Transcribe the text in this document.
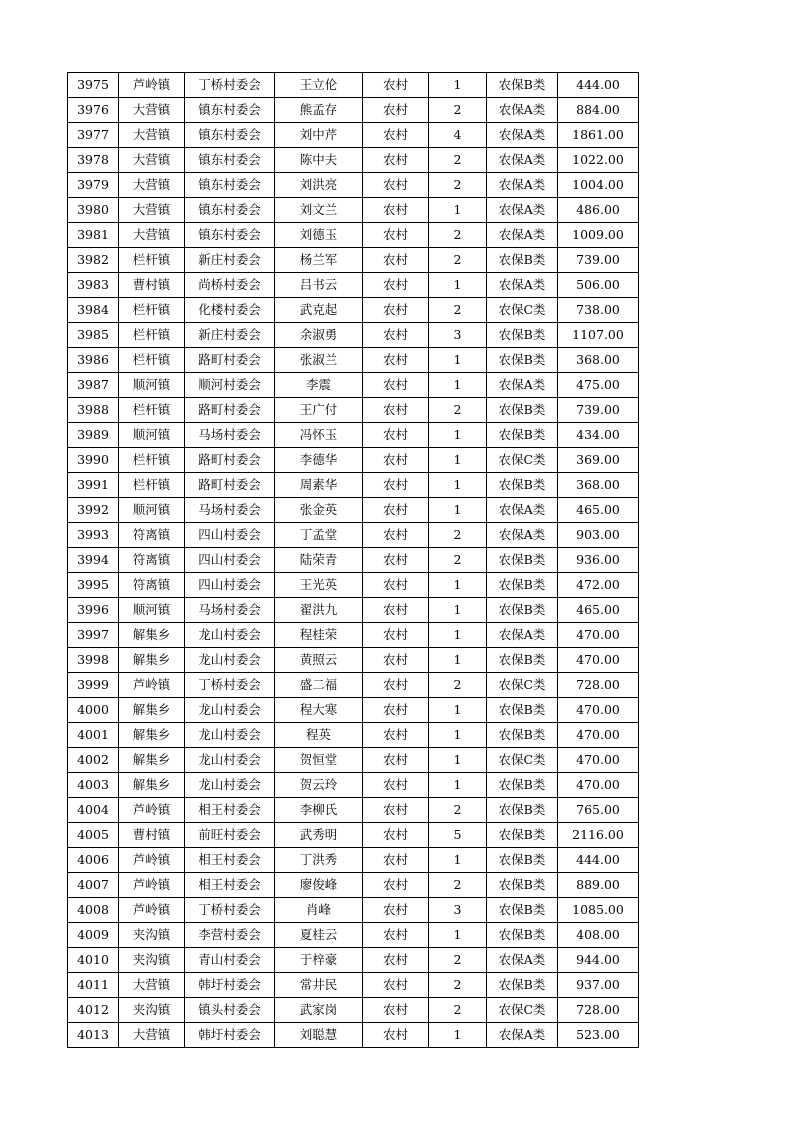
3975	芦岭镇	丁桥村委会	王立伦	农村	1	农保B类	444.00
3976	大营镇	镇东村委会	熊孟存	农村	2	农保A类	884.00
3977	大营镇	镇东村委会	刘中芹	农村	4	农保A类	1861.00
3978	大营镇	镇东村委会	陈中夫	农村	2	农保A类	1022.00
3979	大营镇	镇东村委会	刘洪亮	农村	2	农保A类	1004.00
3980	大营镇	镇东村委会	刘文兰	农村	1	农保A类	486.00
3981	大营镇	镇东村委会	刘德玉	农村	2	农保A类	1009.00
3982	栏杆镇	新庄村委会	杨兰军	农村	2	农保B类	739.00
3983	曹村镇	尚桥村委会	吕书云	农村	1	农保A类	506.00
3984	栏杆镇	化楼村委会	武克起	农村	2	农保C类	738.00
3985	栏杆镇	新庄村委会	余淑勇	农村	3	农保B类	1107.00
3986	栏杆镇	路町村委会	张淑兰	农村	1	农保B类	368.00
3987	顺河镇	顺河村委会	李震	农村	1	农保A类	475.00
3988	栏杆镇	路町村委会	王广付	农村	2	农保B类	739.00
3989	顺河镇	马场村委会	冯怀玉	农村	1	农保B类	434.00
3990	栏杆镇	路町村委会	李德华	农村	1	农保C类	369.00
3991	栏杆镇	路町村委会	周素华	农村	1	农保B类	368.00
3992	顺河镇	马场村委会	张金英	农村	1	农保A类	465.00
3993	符离镇	四山村委会	丁孟堂	农村	2	农保A类	903.00
3994	符离镇	四山村委会	陆荣青	农村	2	农保B类	936.00
3995	符离镇	四山村委会	王光英	农村	1	农保B类	472.00
3996	顺河镇	马场村委会	翟洪九	农村	1	农保B类	465.00
3997	解集乡	龙山村委会	程桂荣	农村	1	农保A类	470.00
3998	解集乡	龙山村委会	黄照云	农村	1	农保B类	470.00
3999	芦岭镇	丁桥村委会	盛二福	农村	2	农保C类	728.00
4000	解集乡	龙山村委会	程大寒	农村	1	农保B类	470.00
4001	解集乡	龙山村委会	程英	农村	1	农保B类	470.00
4002	解集乡	龙山村委会	贺恒堂	农村	1	农保C类	470.00
4003	解集乡	龙山村委会	贺云玲	农村	1	农保B类	470.00
4004	芦岭镇	相王村委会	李柳氏	农村	2	农保B类	765.00
4005	曹村镇	前旺村委会	武秀明	农村	5	农保B类	2116.00
4006	芦岭镇	相王村委会	丁洪秀	农村	1	农保B类	444.00
4007	芦岭镇	相王村委会	廖俊峰	农村	2	农保B类	889.00
4008	芦岭镇	丁桥村委会	肖峰	农村	3	农保B类	1085.00
4009	夹沟镇	李营村委会	夏桂云	农村	1	农保B类	408.00
4010	夹沟镇	青山村委会	于梓豪	农村	2	农保A类	944.00
4011	大营镇	韩圩村委会	常井民	农村	2	农保B类	937.00
4012	夹沟镇	镇头村委会	武家岗	农村	2	农保C类	728.00
4013	大营镇	韩圩村委会	刘聪慧	农村	1	农保A类	523.00
